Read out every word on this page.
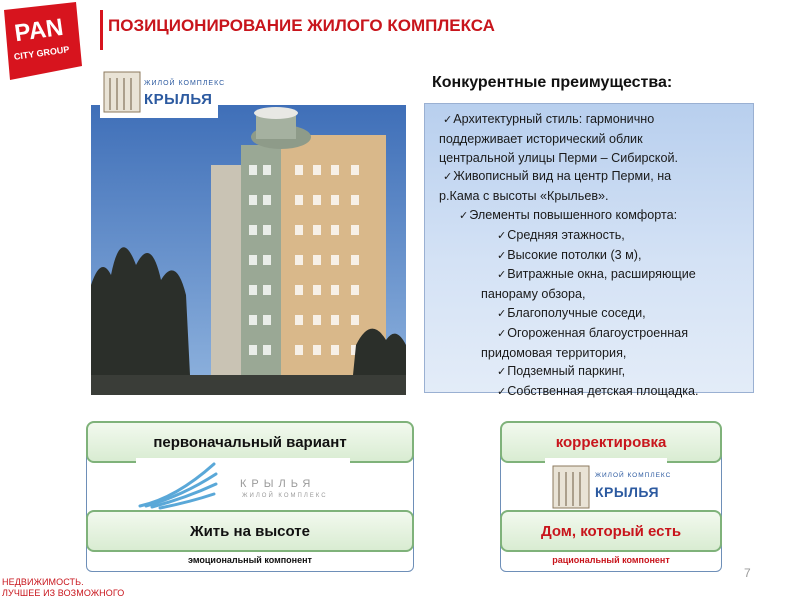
PAN
CITY GROUP
ПОЗИЦИОНИРОВАНИЕ ЖИЛОГО КОМПЛЕКСА
ЖИЛОЙ КОМПЛЕКС
КРЫЛЬЯ
Конкурентные преимущества:
✓ Архитектурный стиль: гармонично
поддерживает исторический облик
центральной улицы Перми – Сибирской.
✓ Живописный вид на центр Перми, на
р.Кама с высоты «Крыльев».
✓ Элементы повышенного комфорта:
✓ Средняя этажность,
✓ Высокие потолки (3 м),
✓ Витражные окна, расширяющие
панораму обзора,
✓ Благополучные соседи,
✓ Огороженная благоустроенная
придомовая территория,
✓ Подземный паркинг,
✓ Собственная детская площадка.
первоначальный вариант
КРЫЛЬЯ
ЖИЛОЙ КОМПЛЕКС
Жить на высоте
эмоциональный компонент
корректировка
ЖИЛОЙ КОМПЛЕКС
КРЫЛЬЯ
Дом, который есть
рациональный компонент
НЕДВИЖИМОСТЬ.
ЛУЧШЕЕ ИЗ ВОЗМОЖНОГО
7
